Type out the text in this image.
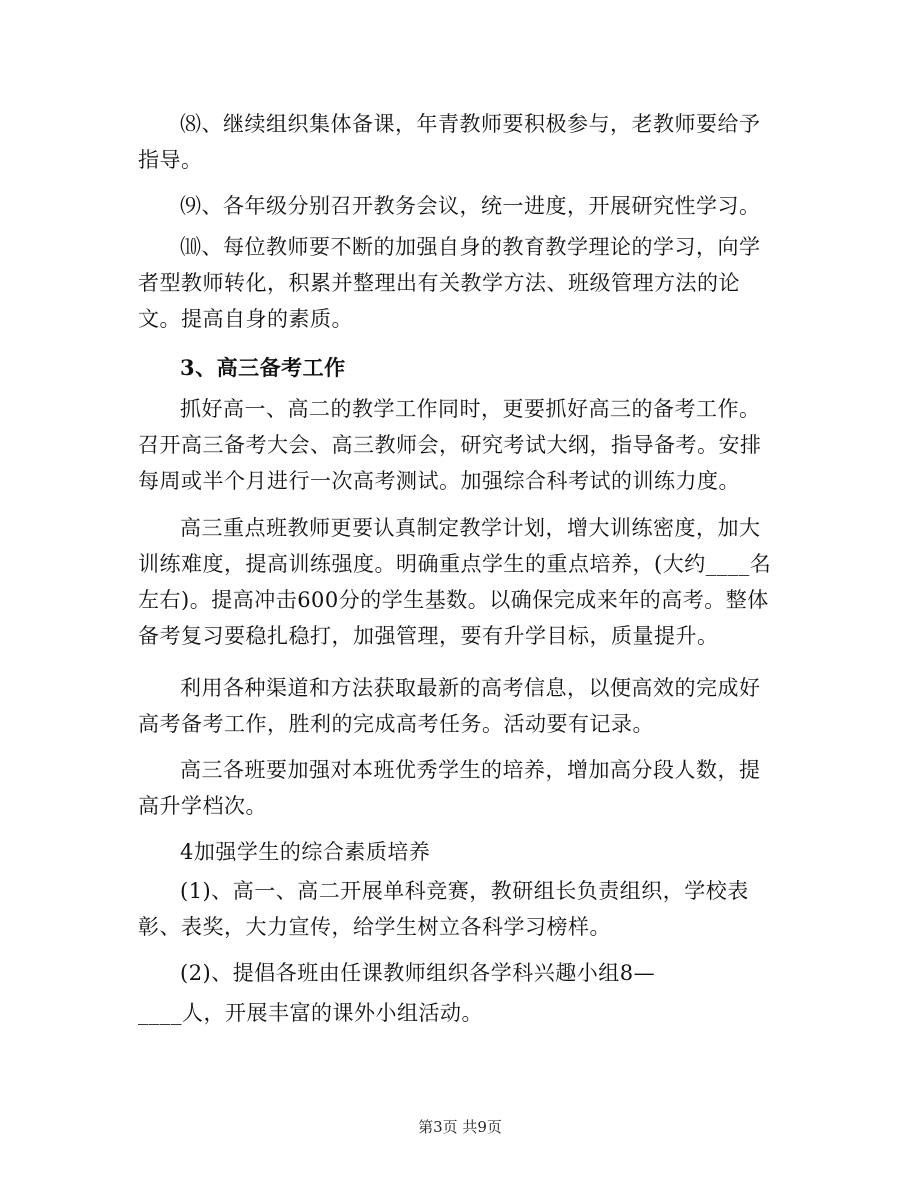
⑻、继续组织集体备课，年青教师要积极参与，老教师要给予指导。

⑼、各年级分别召开教务会议，统一进度，开展研究性学习。

⑽、每位教师要不断的加强自身的教育教学理论的学习，向学者型教师转化，积累并整理出有关教学方法、班级管理方法的论文。提高自身的素质。

3、高三备考工作

抓好高一、高二的教学工作同时，更要抓好高三的备考工作。召开高三备考大会、高三教师会，研究考试大纲，指导备考。安排每周或半个月进行一次高考测试。加强综合科考试的训练力度。

高三重点班教师更要认真制定教学计划，增大训练密度，加大训练难度，提高训练强度。明确重点学生的重点培养，(大约____名左右)。提高冲击600分的学生基数。以确保完成来年的高考。整体备考复习要稳扎稳打，加强管理，要有升学目标，质量提升。

利用各种渠道和方法获取最新的高考信息，以便高效的完成好高考备考工作，胜利的完成高考任务。活动要有记录。

高三各班要加强对本班优秀学生的培养，增加高分段人数，提高升学档次。

4加强学生的综合素质培养

(1)、高一、高二开展单科竞赛，教研组长负责组织，学校表彰、表奖，大力宣传，给学生树立各科学习榜样。

(2)、提倡各班由任课教师组织各学科兴趣小组8—

____人，开展丰富的课外小组活动。

第3页 共9页
